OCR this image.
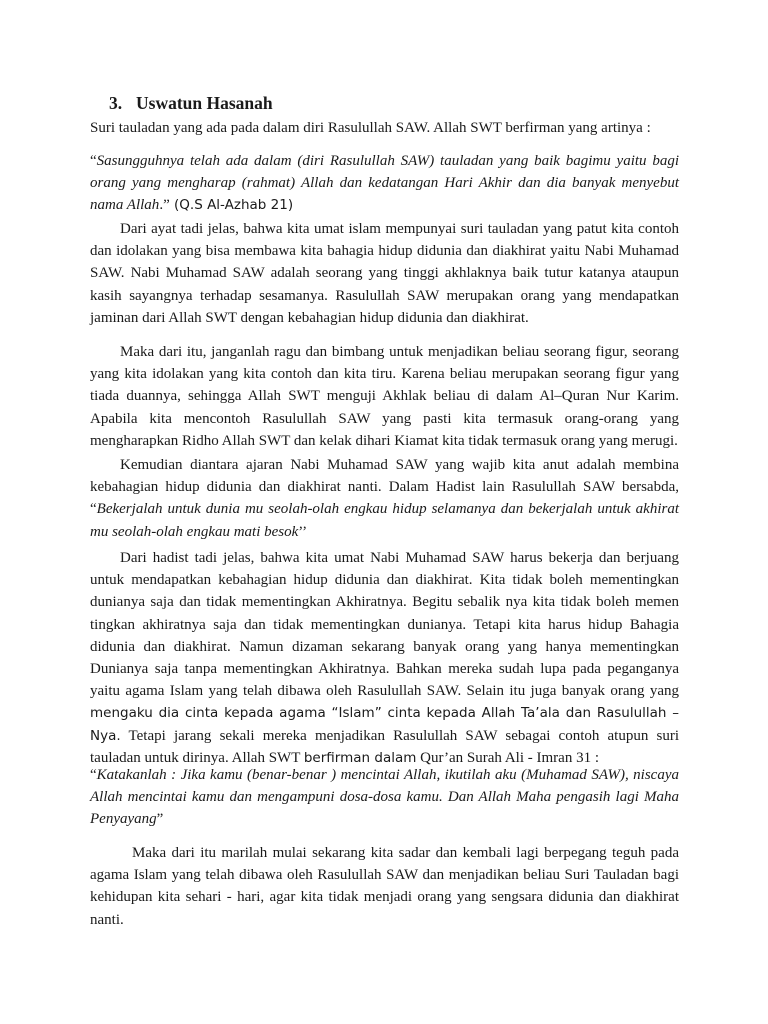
3. Uswatun Hasanah

Suri tauladan yang ada pada dalam diri Rasulullah SAW. Allah SWT berfirman yang artinya :

“Sasungguhnya telah ada dalam (diri Rasulullah SAW) tauladan yang baik bagimu yaitu bagi orang yang mengharap (rahmat) Allah dan kedatangan Hari Akhir dan dia banyak menyebut nama Allah.” (Q.S Al-Azhab 21)

Dari ayat tadi jelas, bahwa kita umat islam mempunyai suri tauladan yang patut kita contoh dan idolakan yang bisa membawa kita bahagia hidup didunia dan diakhirat yaitu Nabi Muhamad SAW. Nabi Muhamad SAW adalah seorang yang tinggi akhlaknya baik tutur katanya ataupun kasih sayangnya terhadap sesamanya. Rasulullah SAW merupakan orang yang mendapatkan jaminan dari Allah SWT dengan kebahagian hidup didunia dan diakhirat.

Maka dari itu, janganlah ragu dan bimbang untuk menjadikan beliau seorang figur, seorang yang kita idolakan yang kita contoh dan kita tiru. Karena beliau merupakan seorang figur yang tiada duannya, sehingga Allah SWT menguji Akhlak beliau di dalam Al–Quran Nur Karim. Apabila kita mencontoh Rasulullah SAW yang pasti kita termasuk orang-orang yang mengharapkan Ridho Allah SWT dan kelak dihari Kiamat kita tidak termasuk orang yang merugi.

Kemudian diantara ajaran Nabi Muhamad SAW yang wajib kita anut adalah membina kebahagian hidup didunia dan diakhirat nanti. Dalam Hadist lain Rasulullah SAW bersabda, “Bekerjalah untuk dunia mu seolah-olah engkau hidup selamanya dan bekerjalah untuk akhirat mu seolah-olah engkau mati besok’’

Dari hadist tadi jelas, bahwa kita umat Nabi Muhamad SAW harus bekerja dan berjuang untuk mendapatkan kebahagian hidup didunia dan diakhirat. Kita tidak boleh mementingkan dunianya saja dan tidak mementingkan Akhiratnya. Begitu sebalik nya kita tidak boleh memen tingkan akhiratnya saja dan tidak mementingkan dunianya. Tetapi kita harus hidup Bahagia didunia dan diakhirat. Namun dizaman sekarang banyak orang yang hanya mementingkan Dunianya saja tanpa mementingkan Akhiratnya. Bahkan mereka sudah lupa pada peganganya yaitu agama Islam yang telah dibawa oleh Rasulullah SAW. Selain itu juga banyak orang yang mengaku dia cinta kepada agama “Islam” cinta kepada Allah Ta’ala dan Rasulullah – Nya. Tetapi jarang sekali mereka menjadikan Rasulullah SAW sebagai contoh atupun suri tauladan untuk dirinya. Allah SWT berfirman dalam Qur’an Surah Ali - Imran 31 :

“Katakanlah : Jika kamu (benar-benar ) mencintai Allah, ikutilah aku (Muhamad SAW), niscaya Allah mencintai kamu dan mengampuni dosa-dosa kamu. Dan Allah Maha pengasih lagi Maha Penyayang”

Maka dari itu marilah mulai sekarang kita sadar dan kembali lagi berpegang teguh pada agama Islam yang telah dibawa oleh Rasulullah SAW dan menjadikan beliau Suri Tauladan bagi kehidupan kita sehari - hari, agar kita tidak menjadi orang yang sengsara didunia dan diakhirat nanti.
